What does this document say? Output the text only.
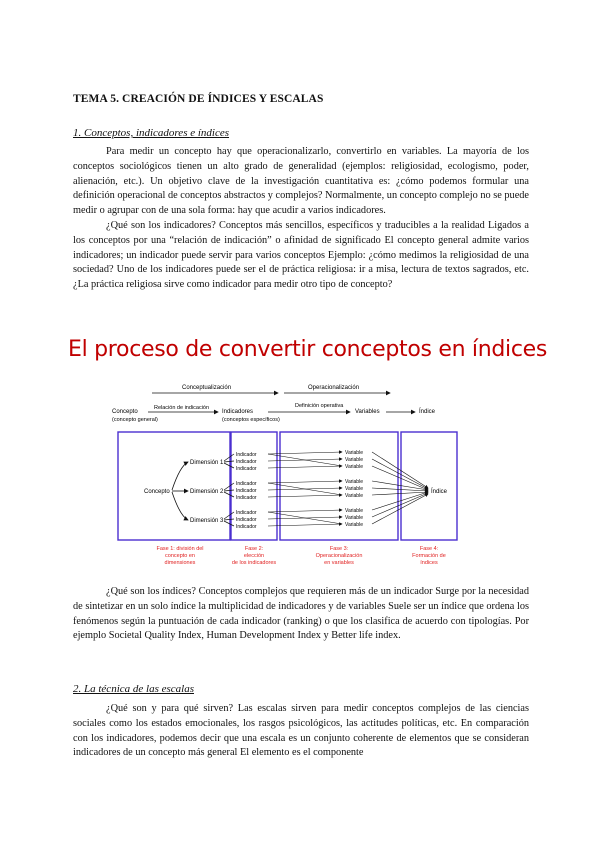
TEMA 5. CREACIÓN DE ÍNDICES Y ESCALAS
1. Conceptos, indicadores e índices
Para medir un concepto hay que operacionalizarlo, convertirlo en variables. La mayoría de los conceptos sociológicos tienen un alto grado de generalidad (ejemplos: religiosidad, ecologismo, poder, alienación, etc.). Un objetivo clave de la investigación cuantitativa es: ¿cómo podemos formular una definición operacional de conceptos abstractos y complejos? Normalmente, un concepto complejo no se puede medir o agrupar con de una sola forma: hay que acudir a varios indicadores.
¿Qué son los indicadores? Conceptos más sencillos, específicos y traducibles a la realidad Ligados a los conceptos por una “relación de indicación” o afinidad de significado El concepto general admite varios indicadores; un indicador puede servir para varios conceptos Ejemplo: ¿cómo medimos la religiosidad de una sociedad? Uno de los indicadores puede ser el de práctica religiosa: ir a misa, lectura de textos sagrados, etc. ¿La práctica religiosa sirve como indicador para medir otro tipo de concepto?
El proceso de convertir conceptos en índices
Conceptualización	Operacionalización
Concepto
(concepto general)
Relación de indicación
Indicadores
(conceptos específicos)
Definición operativa
Variables	Índice
Concepto
Dimensión 1
Dimensión 2
Dimensión 3
Indicador
Indicador
Indicador
Indicador
Indicador
Indicador
Indicador
Indicador
Indicador
Variable
Variable
Variable
Variable
Variable
Variable
Variable
Variable
Variable
Índice
Fase 1: división del
concepto en
dimensiones
Fase 2:
elección
de los indicadores
Fase 3:
Operacionalización
en variables
Fase 4:
Formación de
índices
¿Qué son los índices? Conceptos complejos que requieren más de un indicador Surge por la necesidad de sintetizar en un solo índice la multiplicidad de indicadores y de variables Suele ser un índice que ordena los fenómenos según la puntuación de cada indicador (ranking) o que los clasifica de acuerdo con tipologías. Por ejemplo Societal Quality Index, Human Development Index y Better life index.
2. La técnica de las escalas
¿Qué son y para qué sirven? Las escalas sirven para medir conceptos complejos de las ciencias sociales como los estados emocionales, los rasgos psicológicos, las actitudes políticas, etc. En comparación con los indicadores, podemos decir que una escala es un conjunto coherente de elementos que se consideran indicadores de un concepto más general El elemento es el componente
